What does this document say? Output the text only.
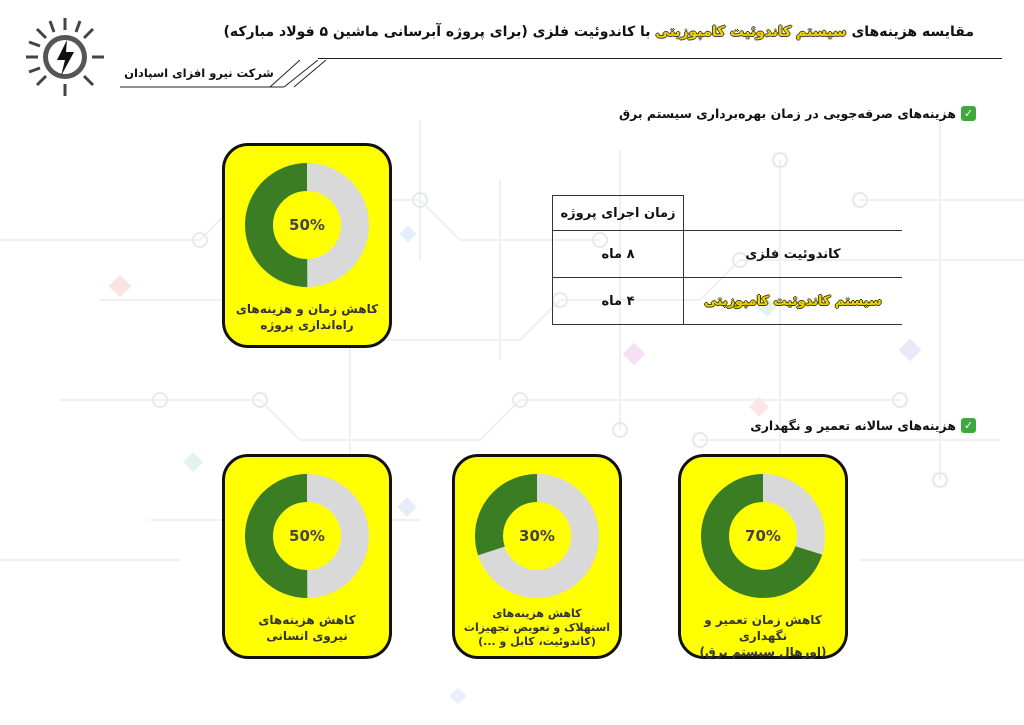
مقایسه هزینه‌های سیستم کاندوئیت کامپوزیتی با کاندوئیت فلزی (برای پروژه آبرسانی ماشین ۵ فولاد مبارکه)
شرکت نیرو افزای اسپادان
✓
هزینه‌های صرفه‌جویی در زمان بهره‌برداری سیستم برق
50%
کاهش زمان و هزینه‌های
راه‌اندازی پروژه
	زمان اجرای پروژه
کاندوئیت فلزی	۸ ماه
سیستم کاندوئیت کامپوزیتی	۴ ماه
✓
هزینه‌های سالانه تعمیر و نگهداری
50%
کاهش هزینه‌های
نیروی انسانی
30%
کاهش هزینه‌های
استهلاک و تعویض تجهیزات
(کاندوئیت، کابل و ...)
70%
کاهش زمان تعمیر و نگهداری
(اورهال سیستم برق)
